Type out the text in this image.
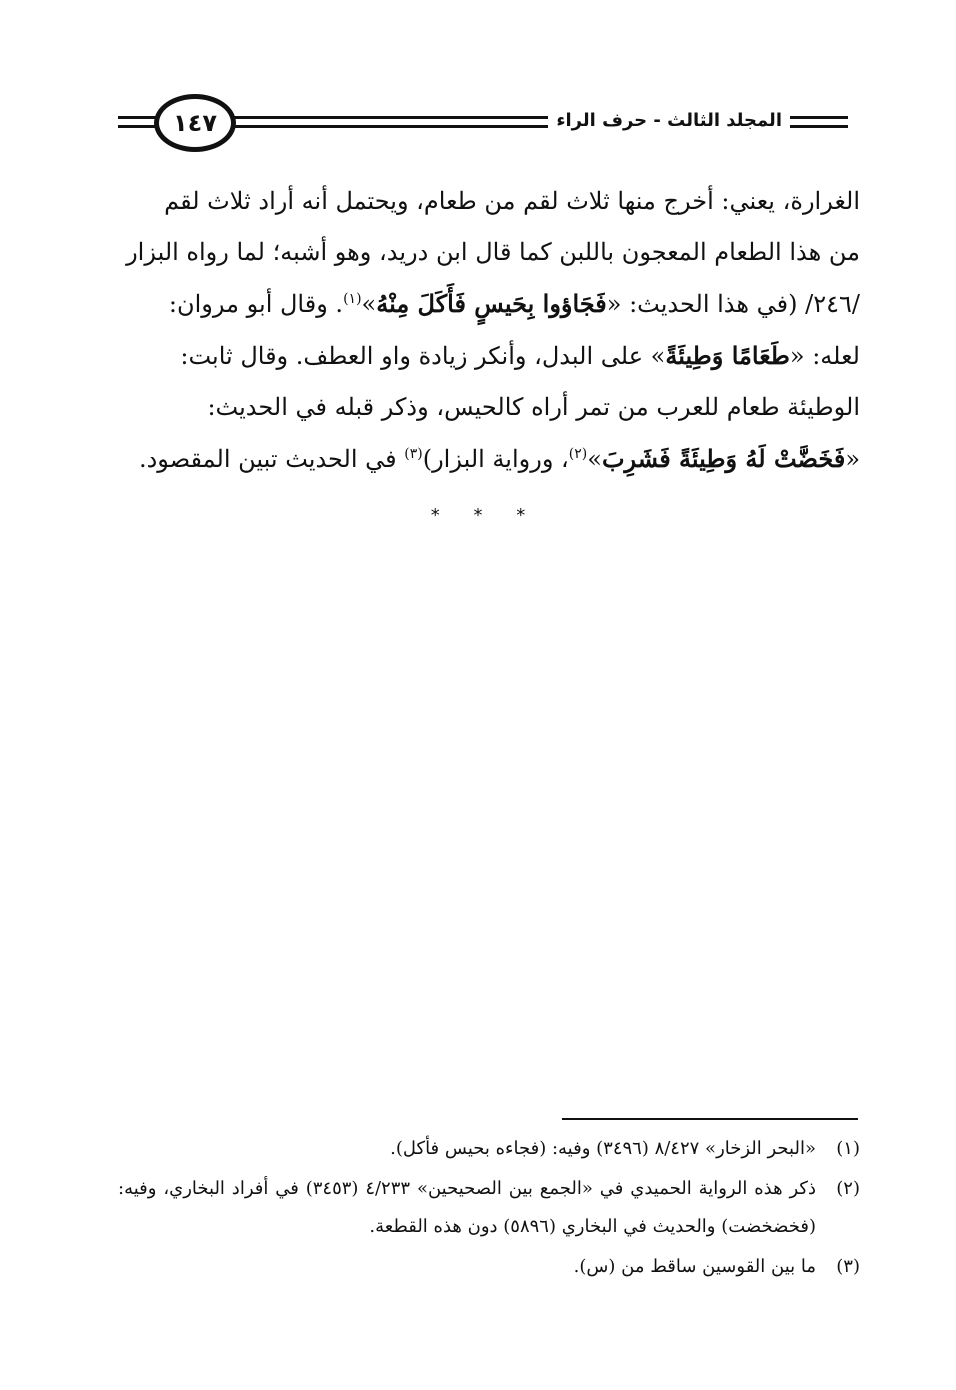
١٤٧	المجلد الثالث - حرف الراء
الغرارة، يعني: أخرج منها ثلاث لقم من طعام، ويحتمل أنه أراد ثلاث لقم
من هذا الطعام المعجون باللبن كما قال ابن دريد، وهو أشبه؛ لما رواه البزار
/٢٤٦/ (في هذا الحديث: «فَجَاؤوا بِحَيسٍ فَأَكَلَ مِنْهُ»$^{(١)}$. وقال أبو مروان:
لعله: «طَعَامًا وَطِيئَةً» على البدل، وأنكر زيادة واو العطف. وقال ثابت:
الوطيئة طعام للعرب من تمر أراه كالحيس، وذكر قبله في الحديث:
«فَخَضَّتْ لَهُ وَطِيئَةً فَشَرِبَ»$^{(٢)}$، ورواية البزار)$^{(٣)}$ في الحديث تبين المقصود.
* * *
(١)
«البحر الزخار» ٨/٤٢٧ (٣٤٩٦) وفيه: (فجاءه بحيس فأكل).
(٢)
ذكر هذه الرواية الحميدي في «الجمع بين الصحيحين» ٤/٢٣٣ (٣٤٥٣) في أفراد البخاري، وفيه: (فخضخضت) والحديث في البخاري (٥٨٩٦) دون هذه القطعة.
(٣)
ما بين القوسين ساقط من (س).
